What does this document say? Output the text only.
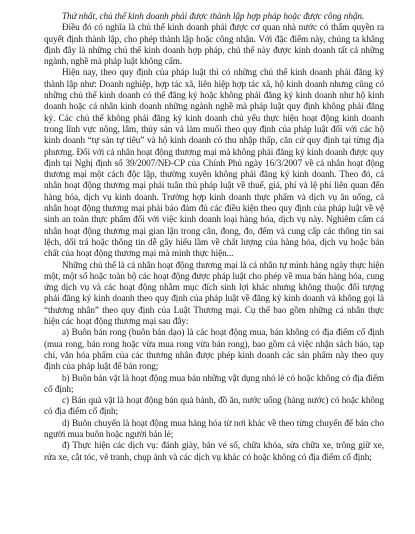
Thứ nhất, chủ thể kinh doanh phải được thành lập hợp pháp hoặc được công nhận.

Điều đó có nghĩa là chủ thể kinh doanh phải được cơ quan nhà nước có thẩm quyền ra quyết định thành lập, cho phép thành lập hoặc công nhận. Với đặc điểm này, chúng ta khẳng định đây là những chủ thể kinh doanh hợp pháp, chủ thể này được kinh doanh tất cả những ngành, nghề mà pháp luật không cấm.

Hiện nay, theo quy định của pháp luật thì có những chủ thể kinh doanh phải đăng ký thành lập như: Doanh nghiệp, hợp tác xã, liên hiệp hợp tác xã, hộ kinh doanh nhưng cũng có những chủ thể kinh doanh có thể đăng ký hoặc không phải đăng ký kinh doanh như hộ kinh doanh hoặc cá nhân kinh doanh những ngành nghề mà pháp luật quy định không phải đăng ký. Các chủ thể không phải đăng ký kinh doanh chủ yếu thực hiện hoạt động kinh doanh trong lĩnh vực nông, lâm, thủy sản và làm muối theo quy định của pháp luật đối với các hộ kinh doanh “tự sản tự tiêu” và hộ kinh doanh có thu nhập thấp, căn cứ quy định tại từng địa phương. Đối với cá nhân hoạt động thương mại mà không phải đăng ký kinh doanh được quy định tại Nghị định số 39/2007/NĐ-CP của Chính Phủ ngày 16/3/2007 về cá nhân hoạt động thương mại một cách độc lập, thường xuyên không phải đăng ký kinh doanh. Theo đó, cá nhân hoạt động thương mại phải tuân thủ pháp luật về thuế, giá, phí và lệ phí liên quan đến hàng hóa, dịch vụ kinh doanh. Trường hợp kinh doanh thực phẩm và dịch vụ ăn uống, cá nhân hoạt động thương mại phải bảo đảm đủ các điều kiện theo quy định của pháp luật về vệ sinh an toàn thực phẩm đối với việc kinh doanh loại hàng hóa, dịch vụ này. Nghiêm cấm cá nhân hoạt động thương mại gian lận trong cân, đong, đo, đếm và cung cấp các thông tin sai lệch, dối trá hoặc thông tin dễ gây hiểu lầm về chất lượng của hàng hóa, dịch vụ hoặc bản chất của hoạt động thương mại mà mình thực hiện...

Những chủ thể là cá nhân hoạt động thương mại là cá nhân tự mình hàng ngày thực hiện một, một số hoặc toàn bộ các hoạt động được pháp luật cho phép về mua bán hàng hóa, cung ứng dịch vụ và các hoạt động nhằm mục đích sinh lợi khác nhưng không thuộc đối tượng phải đăng ký kinh doanh theo quy định của pháp luật về đăng ký kinh doanh và không gọi là “thương nhân” theo quy định của Luật Thương mại. Cụ thể bao gồm những cá nhân thực hiện các hoạt động thương mại sau đây:

a) Buôn bán rong (buôn bán dạo) là các hoạt động mua, bán không có địa điểm cố định (mua rong, bán rong hoặc vừa mua rong vừa bán rong), bao gồm cả việc nhận sách báo, tạp chí, văn hóa phẩm của các thương nhân được phép kinh doanh các sản phẩm này theo quy định của pháp luật để bán rong;

b) Buôn bán vặt là hoạt động mua bán những vật dụng nhỏ lẻ có hoặc không có địa điểm cố định;

c) Bán quà vặt là hoạt động bán quà bánh, đồ ăn, nước uống (hàng nước) có hoặc không có địa điểm cố định;

d) Buôn chuyến là hoạt động mua hàng hóa từ nơi khác về theo từng chuyến để bán cho người mua buôn hoặc người bán lẻ;

đ) Thực hiện các dịch vụ: đánh giày, bán vé số, chữa khóa, sửa chữa xe, trông giữ xe, rửa xe, cắt tóc, vẽ tranh, chụp ảnh và các dịch vụ khác có hoặc không có địa điểm cố định;
